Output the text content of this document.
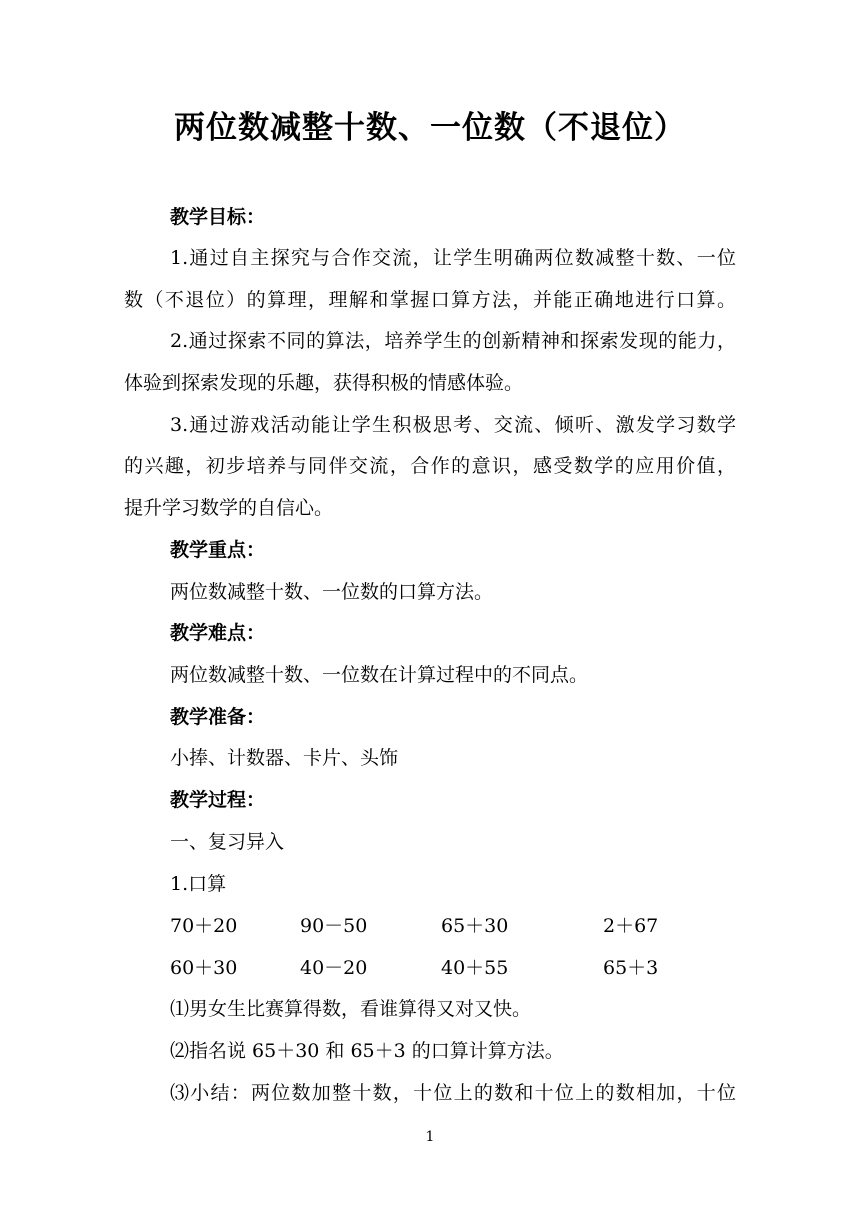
两位数减整十数、一位数（不退位）
教学目标：
1.通过自主探究与合作交流，让学生明确两位数减整十数、一位
数（不退位）的算理，理解和掌握口算方法，并能正确地进行口算。
2.通过探索不同的算法，培养学生的创新精神和探索发现的能力，
体验到探索发现的乐趣，获得积极的情感体验。
3.通过游戏活动能让学生积极思考、交流、倾听、激发学习数学
的兴趣，初步培养与同伴交流，合作的意识，感受数学的应用价值，
提升学习数学的自信心。
教学重点：
两位数减整十数、一位数的口算方法。
教学难点：
两位数减整十数、一位数在计算过程中的不同点。
教学准备：
小捧、计数器、卡片、头饰
教学过程：
一、复习异入
1.口算
70＋20	90－50	65＋30	2＋67
60＋30	40－20	40＋55	65＋3
⑴男女生比赛算得数，看谁算得又对又快。
⑵指名说 65＋30 和 65＋3 的口算计算方法。
⑶小结：两位数加整十数，十位上的数和十位上的数相加，十位
1
